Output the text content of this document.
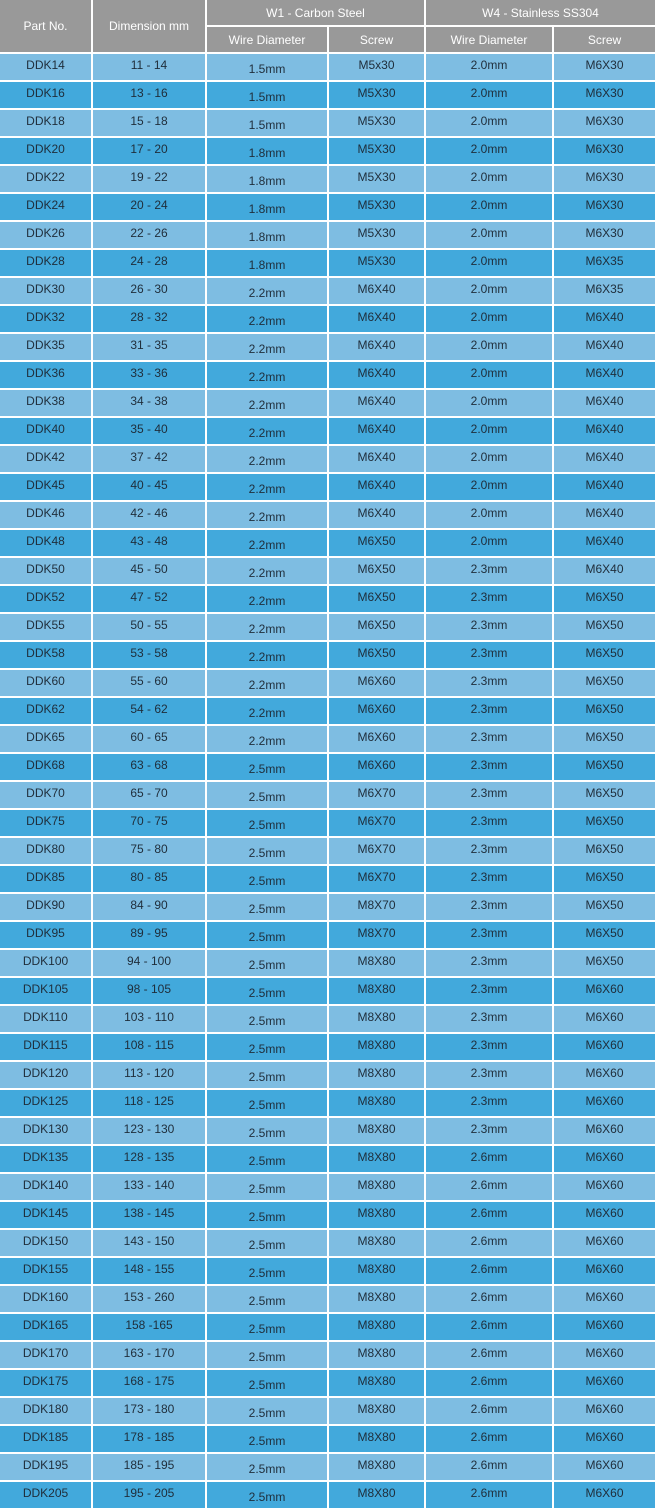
Part No.	Dimension mm	W1 - Carbon Steel		W4 - Stainless SS304	
		Wire Diameter	Screw	Wire Diameter	Screw
DDK14	11 - 14	1.5mm	M5x30	2.0mm	M6X30
DDK16	13 - 16	1.5mm	M5X30	2.0mm	M6X30
DDK18	15 - 18	1.5mm	M5X30	2.0mm	M6X30
DDK20	17 - 20	1.8mm	M5X30	2.0mm	M6X30
DDK22	19 - 22	1.8mm	M5X30	2.0mm	M6X30
DDK24	20 - 24	1.8mm	M5X30	2.0mm	M6X30
DDK26	22 - 26	1.8mm	M5X30	2.0mm	M6X30
DDK28	24 - 28	1.8mm	M5X30	2.0mm	M6X35
DDK30	26 - 30	2.2mm	M6X40	2.0mm	M6X35
DDK32	28 - 32	2.2mm	M6X40	2.0mm	M6X40
DDK35	31 - 35	2.2mm	M6X40	2.0mm	M6X40
DDK36	33 - 36	2.2mm	M6X40	2.0mm	M6X40
DDK38	34 - 38	2.2mm	M6X40	2.0mm	M6X40
DDK40	35 - 40	2.2mm	M6X40	2.0mm	M6X40
DDK42	37 - 42	2.2mm	M6X40	2.0mm	M6X40
DDK45	40 - 45	2.2mm	M6X40	2.0mm	M6X40
DDK46	42 - 46	2.2mm	M6X40	2.0mm	M6X40
DDK48	43 - 48	2.2mm	M6X50	2.0mm	M6X40
DDK50	45 - 50	2.2mm	M6X50	2.3mm	M6X40
DDK52	47 - 52	2.2mm	M6X50	2.3mm	M6X50
DDK55	50 - 55	2.2mm	M6X50	2.3mm	M6X50
DDK58	53 - 58	2.2mm	M6X50	2.3mm	M6X50
DDK60	55 - 60	2.2mm	M6X60	2.3mm	M6X50
DDK62	54 - 62	2.2mm	M6X60	2.3mm	M6X50
DDK65	60 - 65	2.2mm	M6X60	2.3mm	M6X50
DDK68	63 - 68	2.5mm	M6X60	2.3mm	M6X50
DDK70	65 - 70	2.5mm	M6X70	2.3mm	M6X50
DDK75	70 - 75	2.5mm	M6X70	2.3mm	M6X50
DDK80	75 - 80	2.5mm	M6X70	2.3mm	M6X50
DDK85	80 - 85	2.5mm	M6X70	2.3mm	M6X50
DDK90	84 - 90	2.5mm	M8X70	2.3mm	M6X50
DDK95	89 - 95	2.5mm	M8X70	2.3mm	M6X50
DDK100	94 - 100	2.5mm	M8X80	2.3mm	M6X50
DDK105	98 - 105	2.5mm	M8X80	2.3mm	M6X60
DDK110	103 - 110	2.5mm	M8X80	2.3mm	M6X60
DDK115	108 - 115	2.5mm	M8X80	2.3mm	M6X60
DDK120	113 - 120	2.5mm	M8X80	2.3mm	M6X60
DDK125	118 - 125	2.5mm	M8X80	2.3mm	M6X60
DDK130	123 - 130	2.5mm	M8X80	2.3mm	M6X60
DDK135	128 - 135	2.5mm	M8X80	2.6mm	M6X60
DDK140	133 - 140	2.5mm	M8X80	2.6mm	M6X60
DDK145	138 - 145	2.5mm	M8X80	2.6mm	M6X60
DDK150	143 - 150	2.5mm	M8X80	2.6mm	M6X60
DDK155	148 - 155	2.5mm	M8X80	2.6mm	M6X60
DDK160	153 - 260	2.5mm	M8X80	2.6mm	M6X60
DDK165	158 -165	2.5mm	M8X80	2.6mm	M6X60
DDK170	163 - 170	2.5mm	M8X80	2.6mm	M6X60
DDK175	168 - 175	2.5mm	M8X80	2.6mm	M6X60
DDK180	173 - 180	2.5mm	M8X80	2.6mm	M6X60
DDK185	178 - 185	2.5mm	M8X80	2.6mm	M6X60
DDK195	185 - 195	2.5mm	M8X80	2.6mm	M6X60
DDK205	195 - 205	2.5mm	M8X80	2.6mm	M6X60
